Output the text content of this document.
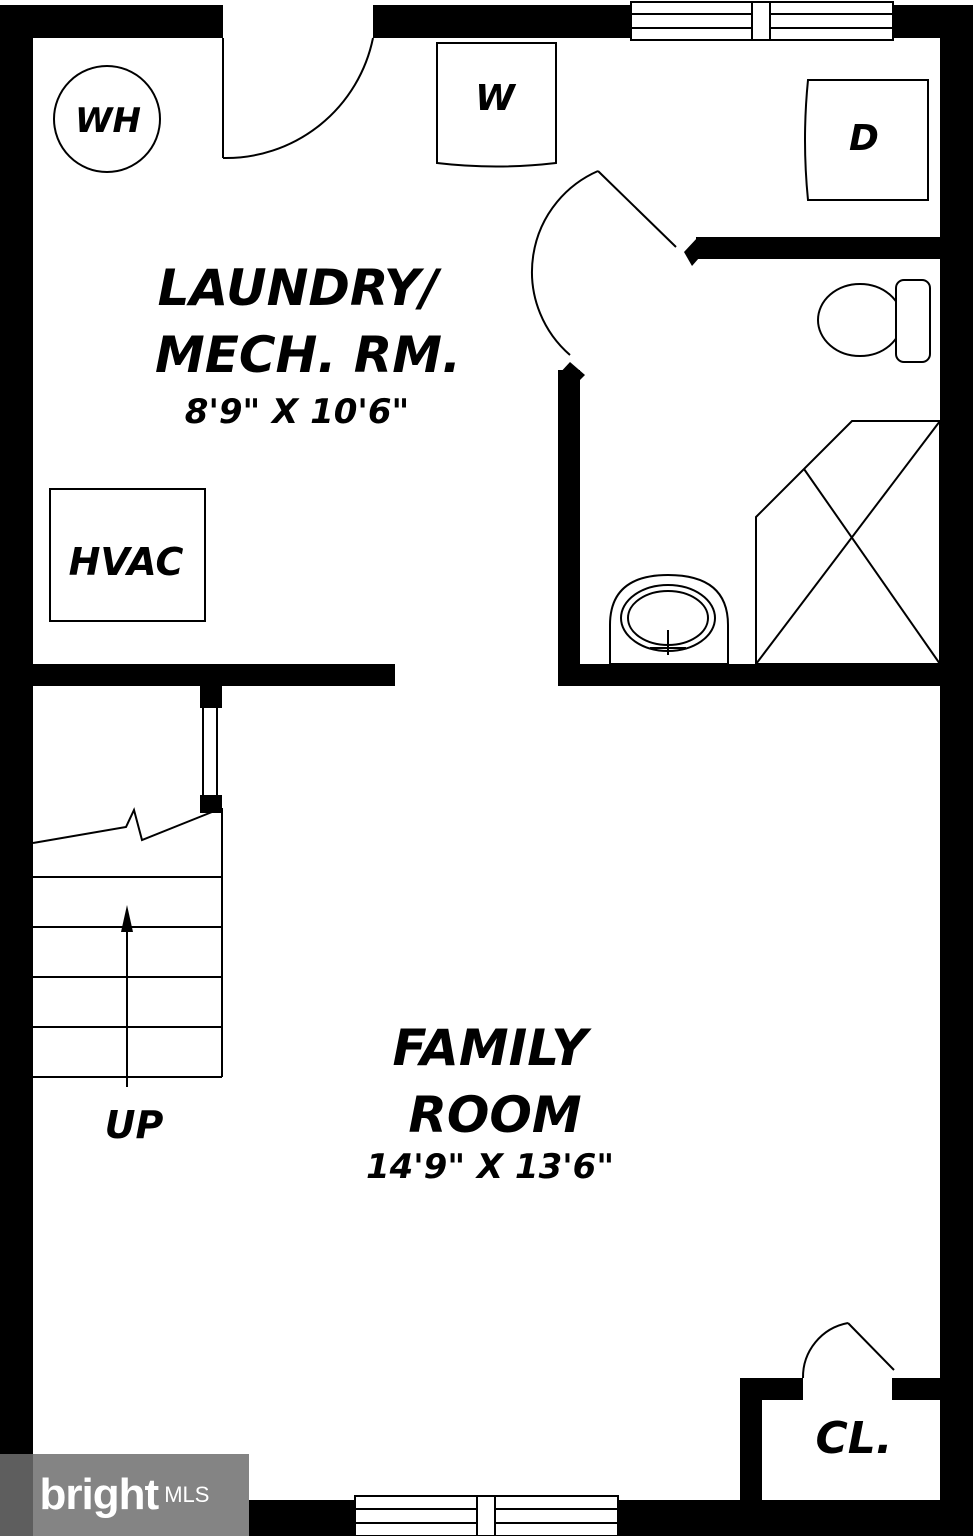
LAUNDRY/
MECH. RM.
8'9" X 10'6"
FAMILY
ROOM
14'9" X 13'6"
WH
W
D
HVAC
CL.
UP
bright MLS
